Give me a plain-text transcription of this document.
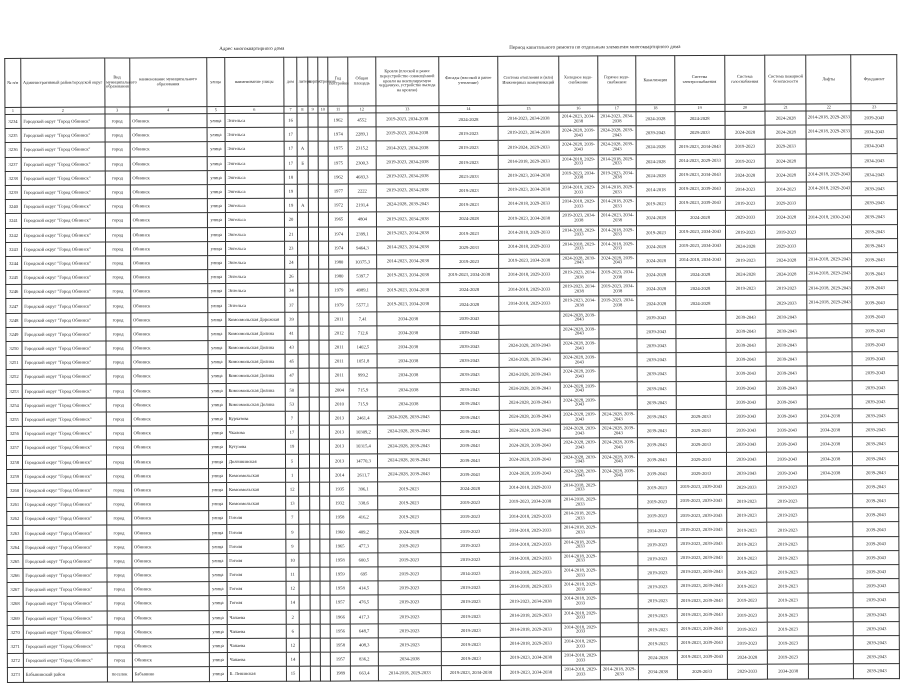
Адрес многоквартирного дома	Период капитального ремонта по отдельным элементам многоквартирного дома
№ п/п	Административный район/городской округ	Вид муниципального образования	наименование муниципального образования	улица	наименование улицы	дом	литера	корпус	строение	Год постройки	Общая площадь	Кровля (плоской и ранее переустройство совмещённой кровли на вентилируемую чердачную, устройство выхода на кровлю)	Фасады (плоской и ранее утепление)	Система отопления и (или) Инженерных коммуникаций	Холодное водо-снабжение	Горячее водо-снабжение	Канализация	Система электроснабжения	Система газоснабжения	Система пожарной безопасности	Лифты	Фундамент
1	2	3	4	5	6	7	8	9	10	11	12	13	14	15	16	17	18	19	20	21	22	23
3234	Городской округ "Город Обнинск"	город	Обнинск	улица	Энгельса	16				1962	4552	2019-2023, 2034-2038	2024-2028	2014-2023, 2034-2038	2014-2023, 2034-2038	2014-2023, 2034-2038	2024-2028	2024-2028		2024-2028	2014-2018, 2029-2033	2039-2043
3235	Городской округ "Город Обнинск"	город	Обнинск	улица	Энгельса	17				1974	2289,1	2019-2023, 2034-2038	2019-2023	2019-2023, 2034-2038	2024-2028, 2039-2043	2024-2028, 2039-2043	2039-2043	2029-2033	2024-2028	2024-2028	2014-2018, 2029-2033	2034-2043
3236	Городской округ "Город Обнинск"	город	Обнинск	улица	Энгельса	17	А			1975	2315,2	2014-2023, 2034-2038	2019-2023	2019-2024, 2029-2033	2024-2028, 2039-2043	2024-2028, 2039-2043	2024-2028	2019-2023, 2034-2043	2019-2023	2029-2033		2034-2043
3237	Городской округ "Город Обнинск"	город	Обнинск	улица	Энгельса	17	Б			1975	2300,3	2019-2023, 2034-2038	2019-2023	2014-2018, 2029-2033	2014-2018, 2029-2033	2014-2018, 2029-2033	2024-2028	2014-2023, 2029-2033	2019-2023	2024-2028		2034-2043
3238	Городской округ "Город Обнинск"	город	Обнинск	улица	Энгельса	18				1962	4683,3	2019-2023, 2034-2038	2023-2033	2019-2023, 2034-2038	2019-2023, 2034-2038	2019-2023, 2034-2038	2024-2028	2019-2023, 2034-2043	2024-2028	2024-2028	2014-2018, 2029-2043	2034-2043
3239	Городской округ "Город Обнинск"	город	Обнинск	улица	Энгельса	19				1977	2222	2019-2023, 2034-2038	2019-2023	2019-2023, 2034-2038	2014-2018, 2029-2033	2014-2018, 2029-2033	2014-2018	2019-2023, 2039-2043	2014-2023	2014-2023	2014-2018, 2029-2043	2039-2043
3240	Городской округ "Город Обнинск"	город	Обнинск	улица	Энгельса	19	А			1972	2191,4	2024-2028, 2039-2043	2019-2023	2014-2018, 2029-2033	2014-2018, 2029-2033	2014-2018, 2029-2033	2019-2023	2019-2023, 2039-2043	2019-2023	2029-2033		2039-2043
3241	Городской округ "Город Обнинск"	город	Обнинск	улица	Энгельса	20				1965	4804	2019-2023, 2034-2038	2024-2028	2019-2023, 2034-2038	2019-2023, 2034-2038	2014-2023, 2034-2038	2024-2028	2024-2028	2029-2033	2024-2028	2014-2018, 2030-2043	2039-2043
3242	Городской округ "Город Обнинск"	город	Обнинск	улица	Энгельса	21				1974	2399,1	2019-2023, 2034-2038	2019-2023	2014-2018, 2029-2033	2014-2018, 2029-2033	2014-2018, 2029-2033	2019-2023	2019-2023, 2034-2043	2019-2023	2019-2023		2039-2043
3243	Городской округ "Город Обнинск"	город	Обнинск	улица	Энгельса	23				1974	9464,3	2014-2023, 2034-2038	2029-2033	2014-2018, 2029-2033	2014-2018, 2029-2033	2014-2018, 2029-2033	2024-2028	2019-2023, 2034-2043	2024-2028	2029-2033		2039-2043
3244	Городской округ "Город Обнинск"	город	Обнинск	улица	Энгельса	24				1980	10375,3	2014-2023, 2034-2038	2019-2023	2019-2023, 2034-2038	2024-2028, 2039-2043	2024-2028, 2039-2043	2024-2028	2014-2018, 2034-2043	2019-2023	2024-2028	2014-2018, 2029-2043	2039-2043
3245	Городской округ "Город Обнинск"	город	Обнинск	улица	Энгельса	26				1980	5397,7	2019-2023, 2034-2038	2019-2023, 2034-2038	2014-2018, 2029-2033	2019-2023, 2034-2038	2019-2023, 2034-2038	2024-2028	2024-2028	2024-2028	2024-2028	2014-2018, 2029-2043	2039-2043
3246	Городской округ "Город Обнинск"	город	Обнинск	улица	Энгельса	34				1979	4989,1	2019-2023, 2034-2038	2024-2028	2014-2018, 2029-2033	2019-2023, 2034-2038	2019-2023, 2034-2038	2024-2028	2024-2028	2019-2023	2019-2023	2014-2018, 2029-2043	2039-2043
3247	Городской округ "Город Обнинск"	город	Обнинск	улица	Энгельса	37				1979	5577,1	2019-2023, 2034-2038	2024-2028	2014-2018, 2029-2033	2019-2023, 2034-2038	2019-2023, 2034-2038	2024-2028	2024-2028		2029-2033	2014-2018, 2029-2043	2039-2043
3248	Городской округ "Город Обнинск"	город	Обнинск	улица	Комсомольская Дорожная	39				2011	7,41	2034-2038	2039-2043		2024-2028, 2039-2043		2039-2043		2039-2043	2039-2043		2039-2043
3249	Городской округ "Город Обнинск"	город	Обнинск	улица	Комсомольская Долина	41				2012	712,6	2034-2038	2039-2043		2024-2028, 2039-2043		2039-2043		2039-2043	2039-2043		2039-2043
3250	Городской округ "Город Обнинск"	город	Обнинск	улица	Комсомольская Долина	43				2011	1402,5	2034-2038	2039-2043	2024-2028, 2039-2043	2024-2028, 2039-2043		2039-2043		2039-2043	2039-2043		2039-2043
3251	Городской округ "Город Обнинск"	город	Обнинск	улица	Комсомольская Долина	45				2011	1051,8	2034-2038	2039-2043	2024-2028, 2039-2043	2024-2028, 2039-2043		2039-2043		2039-2043	2039-2043		2039-2043
3252	Городской округ "Город Обнинск"	город	Обнинск	улица	Комсомольская Долина	47				2011	999,2	2034-2038	2039-2043	2024-2028, 2039-2043	2024-2028, 2039-2043		2039-2043		2039-2043	2039-2043		2039-2043
3253	Городской округ "Город Обнинск"	город	Обнинск	улица	Комсомольская Долина	50				2004	715,9	2034-2038	2039-2043	2024-2028, 2039-2043	2024-2028, 2039-2043		2039-2043		2039-2043	2039-2043		2039-2043
3254	Городской округ "Город Обнинск"	город	Обнинск	улица	Комсомольская Долина	53				2010	715,9	2034-2038	2039-2043	2024-2028, 2039-2043	2024-2028, 2039-2043		2039-2043		2039-2043	2039-2043		2039-2043
3255	Городской округ "Город Обнинск"	город	Обнинск	улица	Курчатова	7				2013	2461,4	2024-2028, 2039-2043	2039-2043	2024-2028, 2039-2043	2024-2028, 2039-2043	2024-2028, 2039-2043	2039-2043	2029-2033	2039-2043	2039-2043	2034-2038	2039-2043
3256	Городской округ "Город Обнинск"	город	Обнинск	улица	Чкалова	17				2013	10309,2	2024-2028, 2039-2043	2039-2043	2024-2028, 2039-2043	2024-2028, 2039-2043	2024-2028, 2039-2043	2039-2043	2029-2033	2039-2043	2039-2043	2034-2038	2039-2043
3257	Городской округ "Город Обнинск"	город	Обнинск	улица	Кутузова	19				2013	10315,4	2024-2028, 2039-2043	2039-2043	2024-2028, 2039-2043	2024-2028, 2039-2043	2024-2028, 2039-2043	2039-2043	2029-2033	2039-2043	2039-2043	2034-2038	2039-2043
3258	Городской округ "Город Обнинск"	город	Обнинск	улица	Долгининская	5				2013	14770,3	2024-2028, 2039-2043	2039-2043	2024-2028, 2039-2043	2024-2028, 2039-2043	2024-2028, 2039-2043	2039-2043	2029-2033	2039-2043	2039-2043	2034-2038	2039-2043
3259	Городской округ "Город Обнинск"	город	Обнинск	улица	Комсомольская	1				2014	2611,7	2024-2028, 2039-2043	2039-2043	2024-2028, 2039-2043	2024-2028, 2039-2043	2024-2028, 2039-2043	2039-2043	2029-2033	2039-2043	2039-2043	2034-2038	2039-2043
3260	Городской округ "Город Обнинск"	город	Обнинск	улица	Комсомольская	12				1935	396,1	2019-2023	2024-2028	2014-2018, 2029-2033	2014-2018, 2029-2033		2019-2023	2019-2023, 2039-2043	2029-2033	2019-2023		2039-2043
3261	Городской округ "Город Обнинск"	город	Обнинск	улица	Комсомольская	13				1932	338,6	2019-2023	2019-2023	2019-2023, 2034-2038	2014-2018, 2029-2033		2019-2023	2019-2023, 2039-2043	2019-2023	2019-2023		2039-2043
3262	Городской округ "Город Обнинск"	город	Обнинск	улица	Гоголя	7				1958	416,2	2019-2023	2019-2023	2014-2018, 2029-2033	2014-2018, 2029-2033		2019-2023	2019-2023, 2039-2043	2019-2023	2019-2023		2039-2043
3263	Городской округ "Город Обнинск"	город	Обнинск	улица	Гоголя	9				1960	409,2	2024-2028	2019-2023	2014-2018, 2029-2033	2014-2018, 2029-2033		2014-2023	2019-2023, 2039-2043	2019-2023	2019-2023		2039-2043
3264	Городской округ "Город Обнинск"	город	Обнинск	улица	Гоголя	9				1965	477,3	2019-2023	2019-2023	2014-2018, 2029-2033	2014-2018, 2029-2033		2019-2023	2019-2023, 2039-2043	2019-2023	2019-2023		2039-2043
3265	Городской округ "Город Обнинск"	город	Обнинск	улица	Гоголя	10				1958	600,5	2019-2023	2019-2023	2014-2018, 2029-2033	2014-2018, 2029-2033		2019-2023	2019-2023, 2039-2043	2019-2023	2019-2023		2039-2043
3266	Городской округ "Город Обнинск"	город	Обнинск	улица	Гоголя	11				1959	695	2019-2023	2014-2023	2014-2018, 2029-2033	2014-2018, 2029-2033		2019-2023	2019-2023, 2039-2043	2019-2023	2019-2023		2039-2043
3267	Городской округ "Город Обнинск"	город	Обнинск	улица	Гоголя	12				1958	414,5	2019-2023	2019-2023	2014-2018, 2029-2033	2014-2018, 2029-2033		2019-2023	2019-2023, 2039-2043	2019-2023	2019-2023		2039-2043
3268	Городской округ "Город Обнинск"	город	Обнинск	улица	Гоголя	14				1957	476,5	2019-2023	2019-2023	2019-2023, 2034-2038	2014-2018, 2029-2033		2019-2023	2019-2023, 2039-2043	2019-2023	2019-2023		2039-2043
3269	Городской округ "Город Обнинск"	город	Обнинск	улица	Чапаева	2				1966	417,3	2019-2023	2019-2023	2014-2018, 2029-2033	2014-2018, 2029-2033		2019-2023	2019-2023, 2039-2043	2019-2023	2019-2023		2039-2043
3270	Городской округ "Город Обнинск"	город	Обнинск	улица	Чапаева	6				1956	648,7	2019-2023	2019-2023	2014-2018, 2029-2033	2014-2018, 2029-2033		2019-2023	2019-2023, 2039-2043	2019-2023	2019-2023		2039-2043
3271	Городской округ "Город Обнинск"	город	Обнинск	улица	Чапаева	12				1958	408,3	2019-2023	2019-2023	2014-2018, 2029-2033	2014-2018, 2029-2033		2019-2023	2019-2023, 2039-2043	2019-2023	2019-2023		2039-2043
3272	Городской округ "Город Обнинск"	город	Обнинск	улица	Чапаева	14				1957	836,2	2034-2038	2019-2023	2019-2023, 2034-2038	2014-2018, 2029-2033		2024-2028	2019-2023, 2039-2043	2024-2028	2019-2023		2039-2043
3273	Бабынинский район	поселок	Бабынино	улица	Б. Ленинская	15				1989	663,4	2014-2018, 2029-2033	2019-2023, 2034-2038	2019-2023, 2034-2038	2014-2018, 2029-2033	2014-2018, 2029-2033	2034-2038	2029-2033	2029-2033	2034-2038		2039-2043
